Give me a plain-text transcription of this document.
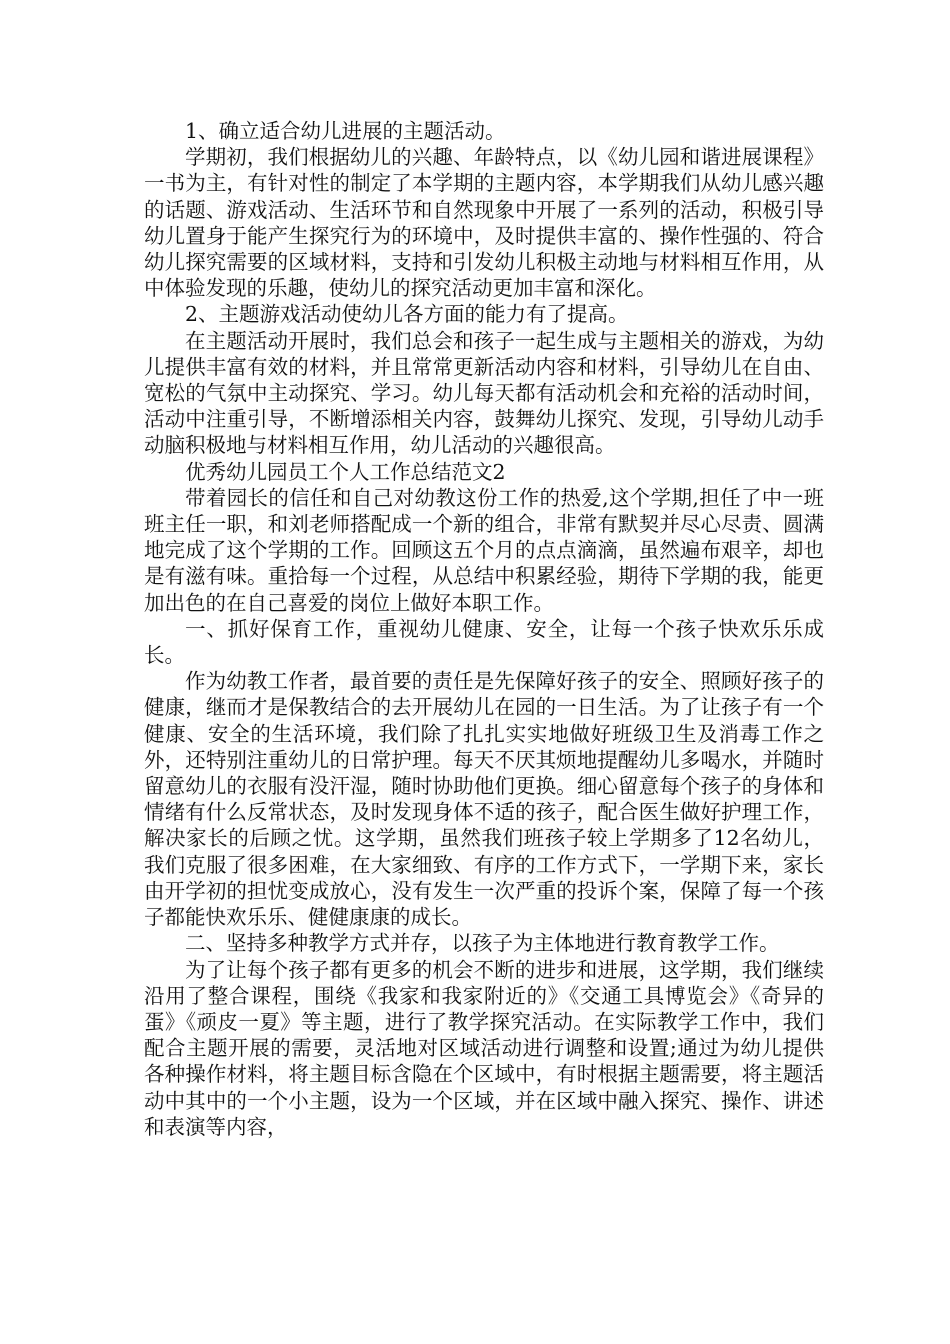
1、确立适合幼儿进展的主题活动。

学期初，我们根据幼儿的兴趣、年龄特点，以《幼儿园和谐进展课程》一书为主，有针对性的制定了本学期的主题内容，本学期我们从幼儿感兴趣的话题、游戏活动、生活环节和自然现象中开展了一系列的活动，积极引导幼儿置身于能产生探究行为的环境中，及时提供丰富的、操作性强的、符合幼儿探究需要的区域材料，支持和引发幼儿积极主动地与材料相互作用，从中体验发现的乐趣，使幼儿的探究活动更加丰富和深化。

2、主题游戏活动使幼儿各方面的能力有了提高。

在主题活动开展时，我们总会和孩子一起生成与主题相关的游戏，为幼儿提供丰富有效的材料，并且常常更新活动内容和材料，引导幼儿在自由、宽松的气氛中主动探究、学习。幼儿每天都有活动机会和充裕的活动时间，活动中注重引导，不断增添相关内容，鼓舞幼儿探究、发现，引导幼儿动手动脑积极地与材料相互作用，幼儿活动的兴趣很高。

优秀幼儿园员工个人工作总结范文2

带着园长的信任和自己对幼教这份工作的热爱,这个学期,担任了中一班班主任一职，和刘老师搭配成一个新的组合，非常有默契并尽心尽责、圆满地完成了这个学期的工作。回顾这五个月的点点滴滴，虽然遍布艰辛，却也是有滋有味。重拾每一个过程，从总结中积累经验，期待下学期的我，能更加出色的在自己喜爱的岗位上做好本职工作。

一、抓好保育工作，重视幼儿健康、安全，让每一个孩子快欢乐乐成长。

作为幼教工作者，最首要的责任是先保障好孩子的安全、照顾好孩子的健康，继而才是保教结合的去开展幼儿在园的一日生活。为了让孩子有一个健康、安全的生活环境，我们除了扎扎实实地做好班级卫生及消毒工作之外，还特别注重幼儿的日常护理。每天不厌其烦地提醒幼儿多喝水，并随时留意幼儿的衣服有没汗湿，随时协助他们更换。细心留意每个孩子的身体和情绪有什么反常状态，及时发现身体不适的孩子，配合医生做好护理工作，解决家长的后顾之忧。这学期，虽然我们班孩子较上学期多了12名幼儿，我们克服了很多困难，在大家细致、有序的工作方式下，一学期下来，家长由开学初的担忧变成放心，没有发生一次严重的投诉个案，保障了每一个孩子都能快欢乐乐、健健康康的成长。

二、坚持多种教学方式并存，以孩子为主体地进行教育教学工作。

为了让每个孩子都有更多的机会不断的进步和进展，这学期，我们继续沿用了整合课程，围绕《我家和我家附近的》《交通工具博览会》《奇异的蛋》《顽皮一夏》等主题，进行了教学探究活动。在实际教学工作中，我们配合主题开展的需要，灵活地对区域活动进行调整和设置;通过为幼儿提供各种操作材料，将主题目标含隐在个区域中，有时根据主题需要，将主题活动中其中的一个小主题，设为一个区域，并在区域中融入探究、操作、讲述和表演等内容，
